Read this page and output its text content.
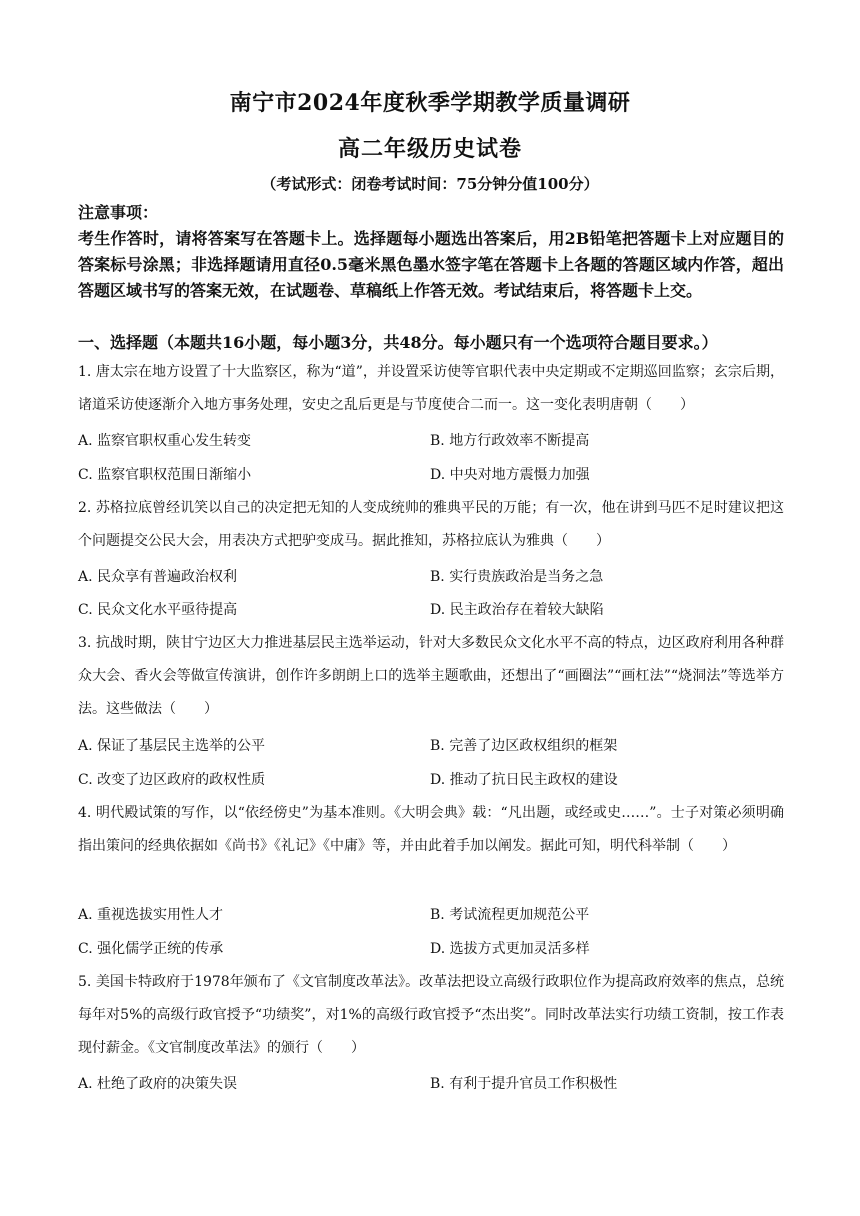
南宁市2024年度秋季学期教学质量调研
高二年级历史试卷
（考试形式：闭卷考试时间：75分钟分值100分）
注意事项：
考生作答时，请将答案写在答题卡上。选择题每小题选出答案后，用2B铅笔把答题卡上对应题目的答案标号涂黑；非选择题请用直径0.5毫米黑色墨水签字笔在答题卡上各题的答题区域内作答，超出答题区域书写的答案无效，在试题卷、草稿纸上作答无效。考试结束后，将答题卡上交。
一、选择题（本题共16小题，每小题3分，共48分。每小题只有一个选项符合题目要求。）
1. 唐太宗在地方设置了十大监察区，称为“道”，并设置采访使等官职代表中央定期或不定期巡回监察；玄宗后期，诸道采访使逐渐介入地方事务处理，安史之乱后更是与节度使合二而一。这一变化表明唐朝（　　）
A. 监察官职权重心发生转变	B. 地方行政效率不断提高
C. 监察官职权范围日渐缩小	D. 中央对地方震慑力加强
2. 苏格拉底曾经讥笑以自己的决定把无知的人变成统帅的雅典平民的万能；有一次，他在讲到马匹不足时建议把这个问题提交公民大会，用表决方式把驴变成马。据此推知，苏格拉底认为雅典（　　）
A. 民众享有普遍政治权利	B. 实行贵族政治是当务之急
C. 民众文化水平亟待提高	D. 民主政治存在着较大缺陷
3. 抗战时期，陕甘宁边区大力推进基层民主选举运动，针对大多数民众文化水平不高的特点，边区政府利用各种群众大会、香火会等做宣传演讲，创作许多朗朗上口的选举主题歌曲，还想出了“画圈法”“画杠法”“烧洞法”等选举方法。这些做法（　　）
A. 保证了基层民主选举的公平	B. 完善了边区政权组织的框架
C. 改变了边区政府的政权性质	D. 推动了抗日民主政权的建设
4. 明代殿试策的写作，以“依经傍史”为基本准则。《大明会典》载：“凡出题，或经或史……”。士子对策必须明确指出策问的经典依据如《尚书》《礼记》《中庸》等，并由此着手加以阐发。据此可知，明代科举制（　　）
A. 重视选拔实用性人才	B. 考试流程更加规范公平
C. 强化儒学正统的传承	D. 选拔方式更加灵活多样
5. 美国卡特政府于1978年颁布了《文官制度改革法》。改革法把设立高级行政职位作为提高政府效率的焦点，总统每年对5%的高级行政官授予“功绩奖”，对1%的高级行政官授予“杰出奖”。同时改革法实行功绩工资制，按工作表现付薪金。《文官制度改革法》的颁行（　　）
A. 杜绝了政府的决策失误	B. 有利于提升官员工作积极性
